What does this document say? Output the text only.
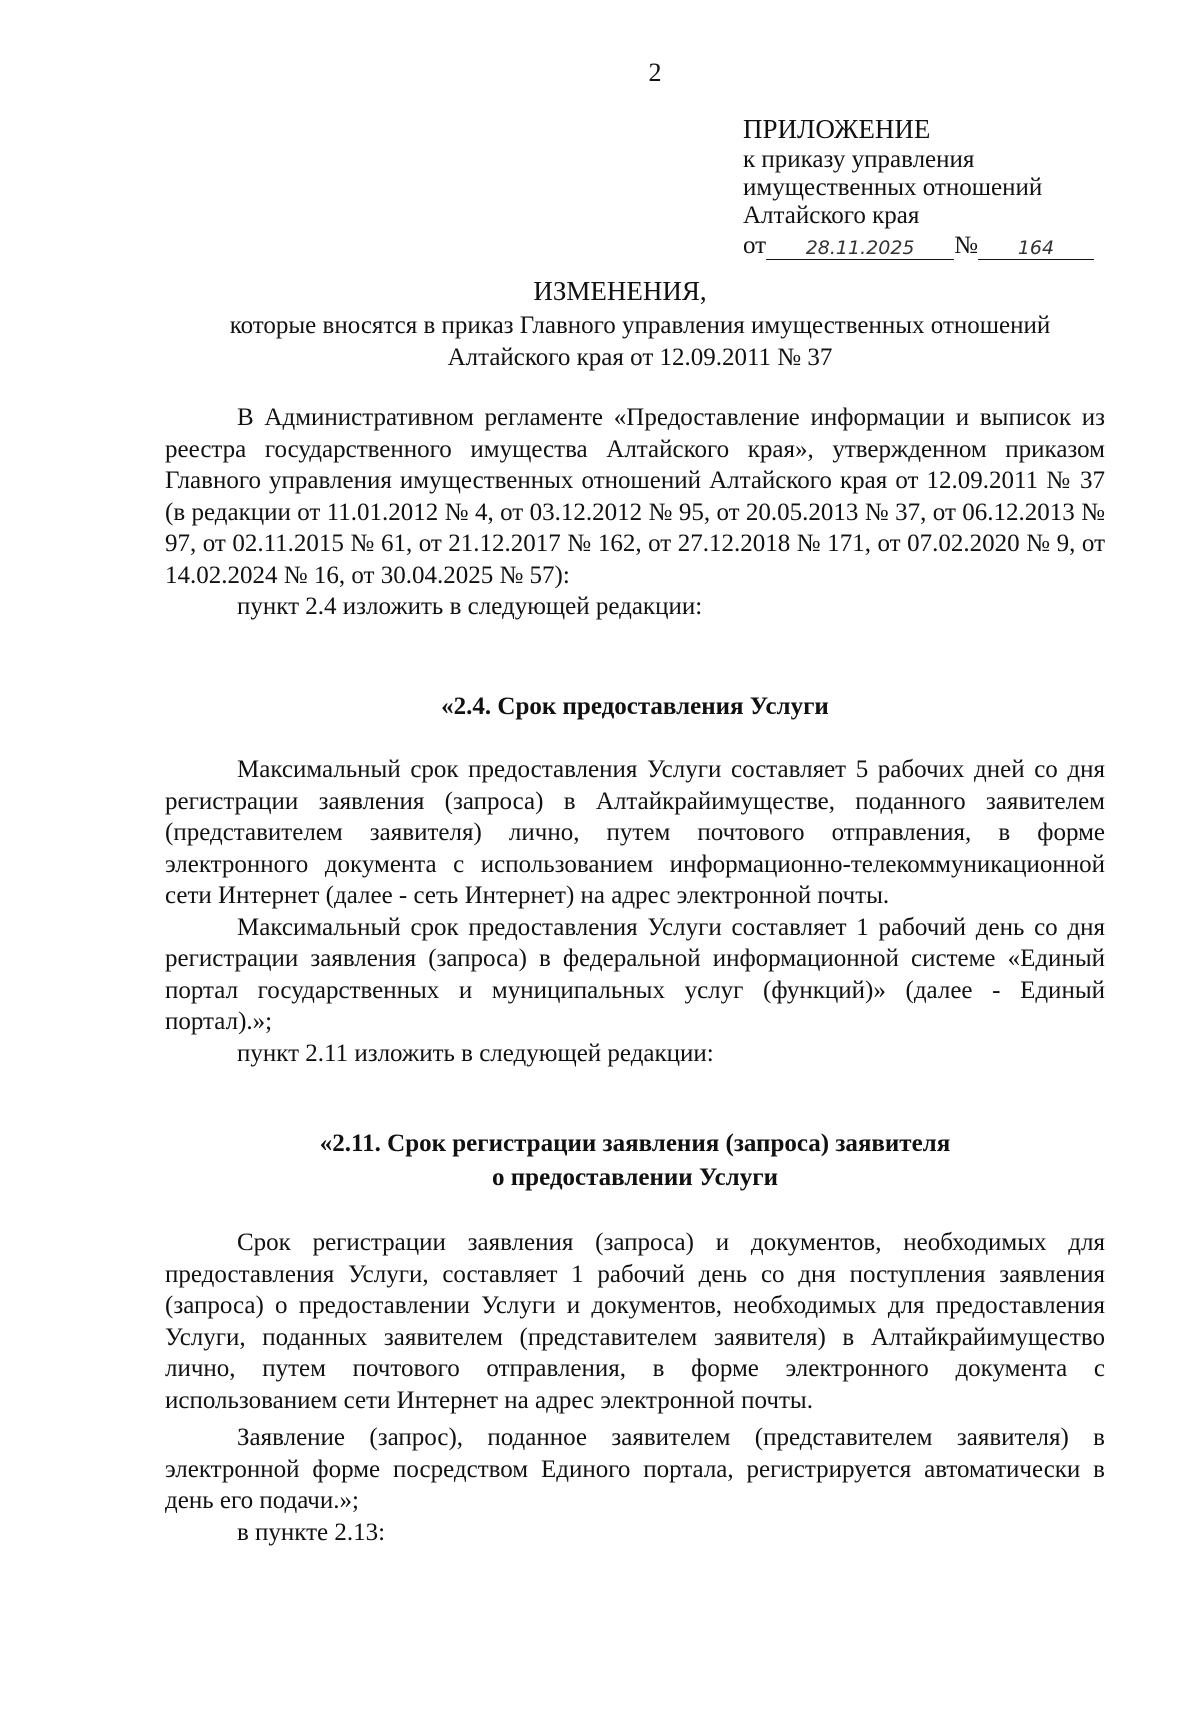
2
ПРИЛОЖЕНИЕ
к приказу управления
имущественных отношений
Алтайского края
от 28.11.2025 № 164
ИЗМЕНЕНИЯ,
которые вносятся в приказ Главного управления имущественных отношений Алтайского края от 12.09.2011 № 37

В Административном регламенте «Предоставление информации и выписок из реестра государственного имущества Алтайского края», утвержденном приказом Главного управления имущественных отношений Алтайского края от 12.09.2011 № 37 (в редакции от 11.01.2012 № 4, от 03.12.2012 № 95, от 20.05.2013 № 37, от 06.12.2013 № 97, от 02.11.2015 № 61, от 21.12.2017 № 162, от 27.12.2018 № 171, от 07.02.2020 № 9, от 14.02.2024 № 16, от 30.04.2025 № 57):

пункт 2.4 изложить в следующей редакции:

«2.4. Срок предоставления Услуги

Максимальный срок предоставления Услуги составляет 5 рабочих дней со дня регистрации заявления (запроса) в Алтайкрайимуществе, поданного заявителем (представителем заявителя) лично, путем почтового отправления, в форме электронного документа с использованием информационно-телекоммуникационной сети Интернет (далее - сеть Интернет) на адрес электронной почты.

Максимальный срок предоставления Услуги составляет 1 рабочий день со дня регистрации заявления (запроса) в федеральной информационной системе «Единый портал государственных и муниципальных услуг (функций)» (далее - Единый портал).»;

пункт 2.11 изложить в следующей редакции:

«2.11. Срок регистрации заявления (запроса) заявителя
о предоставлении Услуги

Срок регистрации заявления (запроса) и документов, необходимых для предоставления Услуги, составляет 1 рабочий день со дня поступления заявления (запроса) о предоставлении Услуги и документов, необходимых для предоставления Услуги, поданных заявителем (представителем заявителя) в Алтайкрайимущество лично, путем почтового отправления, в форме электронного документа с использованием сети Интернет на адрес электронной почты.

Заявление (запрос), поданное заявителем (представителем заявителя) в электронной форме посредством Единого портала, регистрируется автоматически в день его подачи.»;

в пункте 2.13:
